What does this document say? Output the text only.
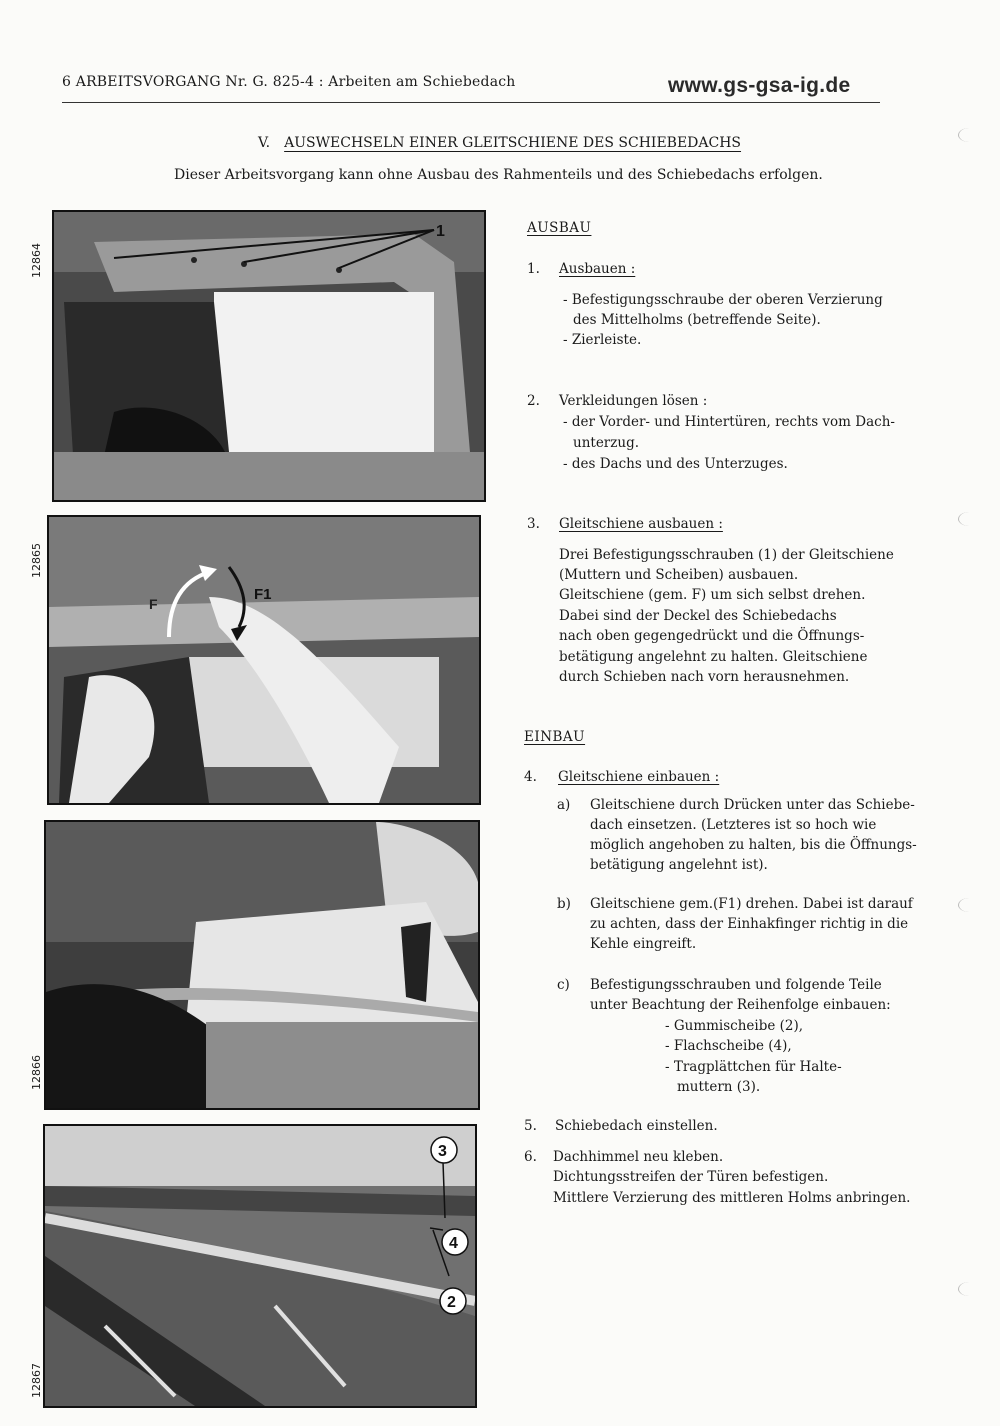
6 ARBEITSVORGANG Nr. G. 825-4 : Arbeiten am Schiebedach	www.gs-gsa-ig.de
V. AUSWECHSELN EINER GLEITSCHIENE DES SCHIEBEDACHS
Dieser Arbeitsvorgang kann ohne Ausbau des Rahmenteils und des Schiebedachs erfolgen.
12864
12865
12866
12867
1
F
F1
3
4
2
AUSBAU
1. Ausbauen :
- Befestigungsschraube der oberen Verzierung
des Mittelholms (betreffende Seite).
- Zierleiste.
2. Verkleidungen lösen :
- der Vorder- und Hintertüren, rechts vom Dach-
unterzug.
- des Dachs und des Unterzuges.
3. Gleitschiene ausbauen :
Drei Befestigungsschrauben (1) der Gleitschiene
(Muttern und Scheiben) ausbauen.
Gleitschiene (gem. F) um sich selbst drehen.
Dabei sind der Deckel des Schiebedachs
nach oben gegengedrückt und die Öffnungs-
betätigung angelehnt zu halten. Gleitschiene
durch Schieben nach vorn herausnehmen.
EINBAU
4. Gleitschiene einbauen :
a) Gleitschiene durch Drücken unter das Schiebe-
dach einsetzen. (Letzteres ist so hoch wie
möglich angehoben zu halten, bis die Öffnungs-
betätigung angelehnt ist).
b) Gleitschiene gem.(F1) drehen. Dabei ist darauf
zu achten, dass der Einhakfinger richtig in die
Kehle eingreift.
c) Befestigungsschrauben und folgende Teile
unter Beachtung der Reihenfolge einbauen:
- Gummischeibe (2),
- Flachscheibe (4),
- Tragplättchen für Halte-
muttern (3).
5. Schiebedach einstellen.
6. Dachhimmel neu kleben.
Dichtungsstreifen der Türen befestigen.
Mittlere Verzierung des mittleren Holms anbringen.
